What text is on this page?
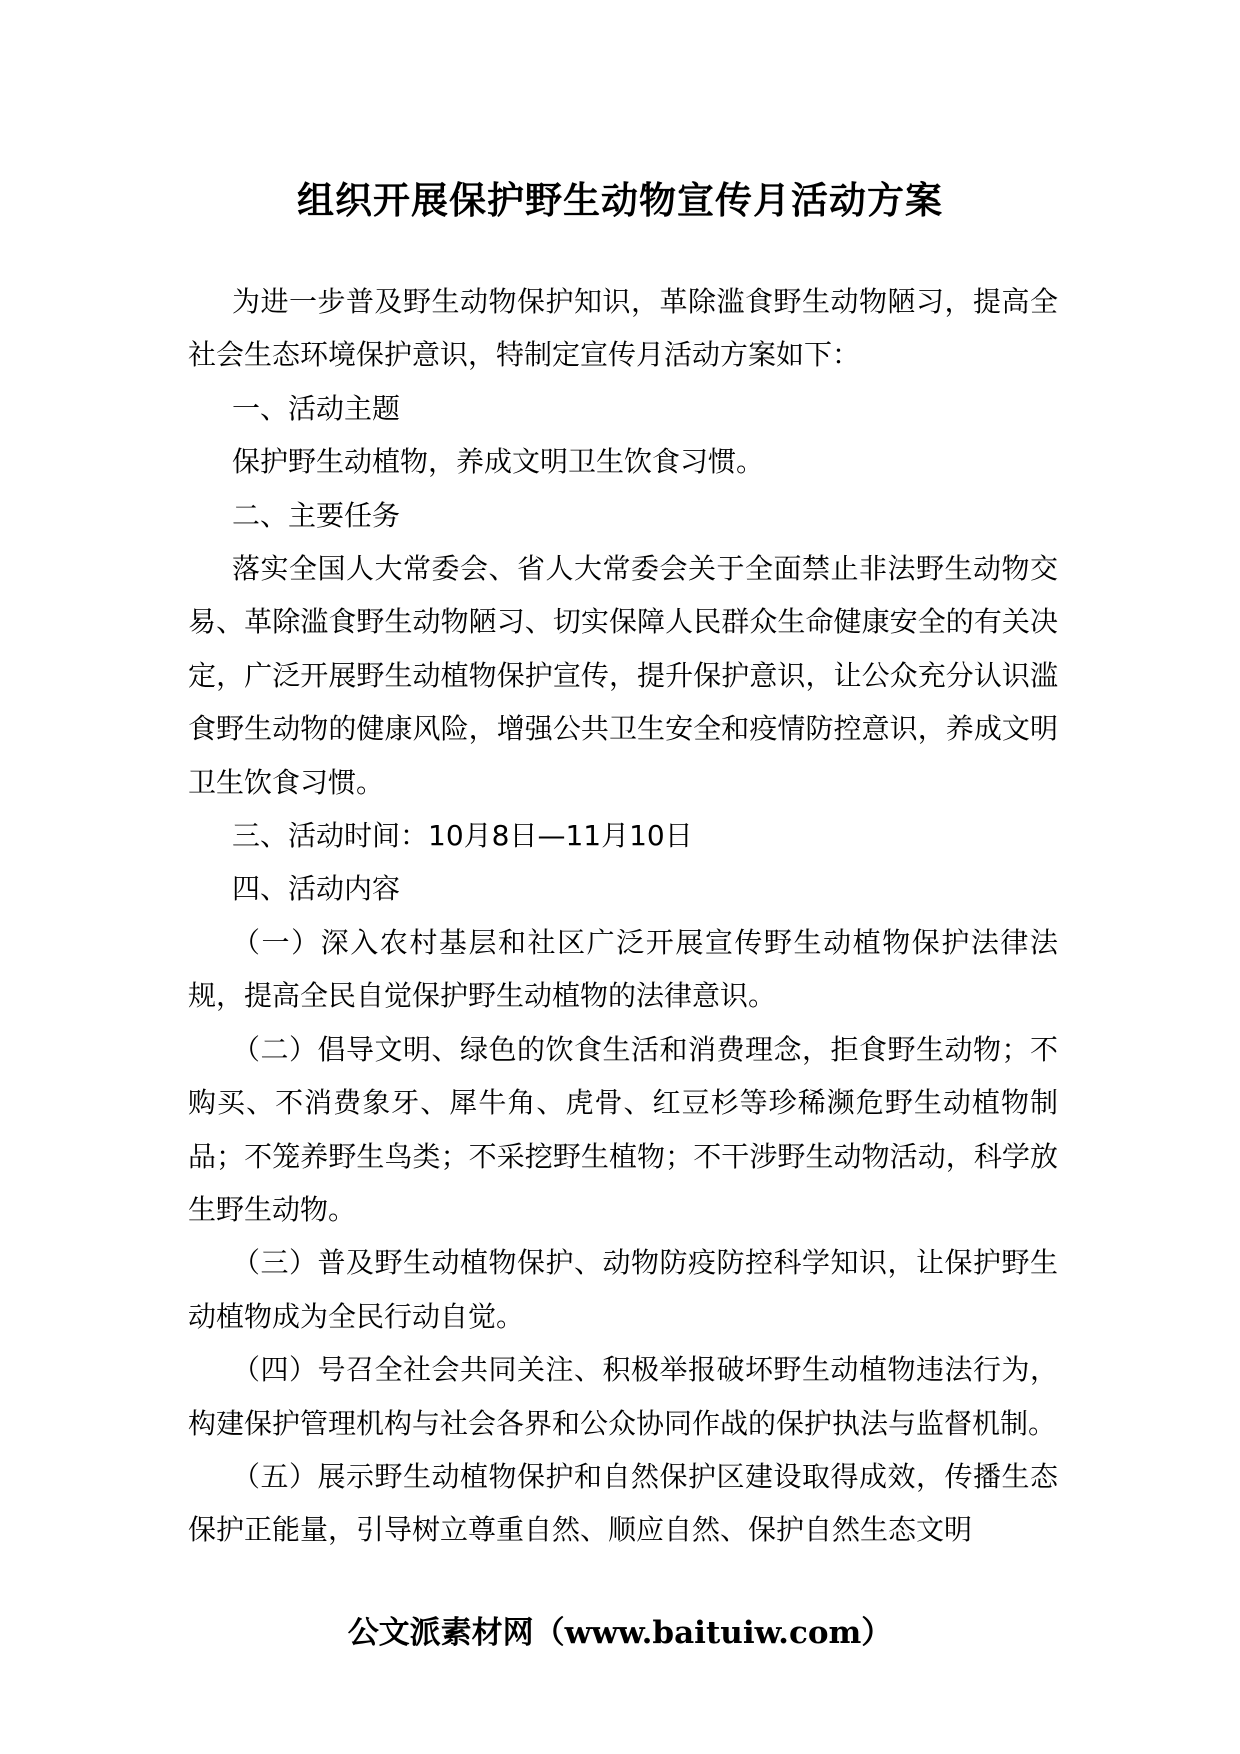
组织开展保护野生动物宣传月活动方案

为进一步普及野生动物保护知识，革除滥食野生动物陋习，提高全社会生态环境保护意识，特制定宣传月活动方案如下：

一、活动主题

保护野生动植物，养成文明卫生饮食习惯。

二、主要任务

落实全国人大常委会、省人大常委会关于全面禁止非法野生动物交易、革除滥食野生动物陋习、切实保障人民群众生命健康安全的有关决定，广泛开展野生动植物保护宣传，提升保护意识，让公众充分认识滥食野生动物的健康风险，增强公共卫生安全和疫情防控意识，养成文明卫生饮食习惯。

三、活动时间：10月8日—11月10日

四、活动内容

（一）深入农村基层和社区广泛开展宣传野生动植物保护法律法规，提高全民自觉保护野生动植物的法律意识。

（二）倡导文明、绿色的饮食生活和消费理念，拒食野生动物；不购买、不消费象牙、犀牛角、虎骨、红豆杉等珍稀濒危野生动植物制品；不笼养野生鸟类；不采挖野生植物；不干涉野生动物活动，科学放生野生动物。

（三）普及野生动植物保护、动物防疫防控科学知识，让保护野生动植物成为全民行动自觉。

（四）号召全社会共同关注、积极举报破坏野生动植物违法行为，构建保护管理机构与社会各界和公众协同作战的保护执法与监督机制。

（五）展示野生动植物保护和自然保护区建设取得成效，传播生态保护正能量，引导树立尊重自然、顺应自然、保护自然生态文明

公文派素材网（www.baituiw.com）
